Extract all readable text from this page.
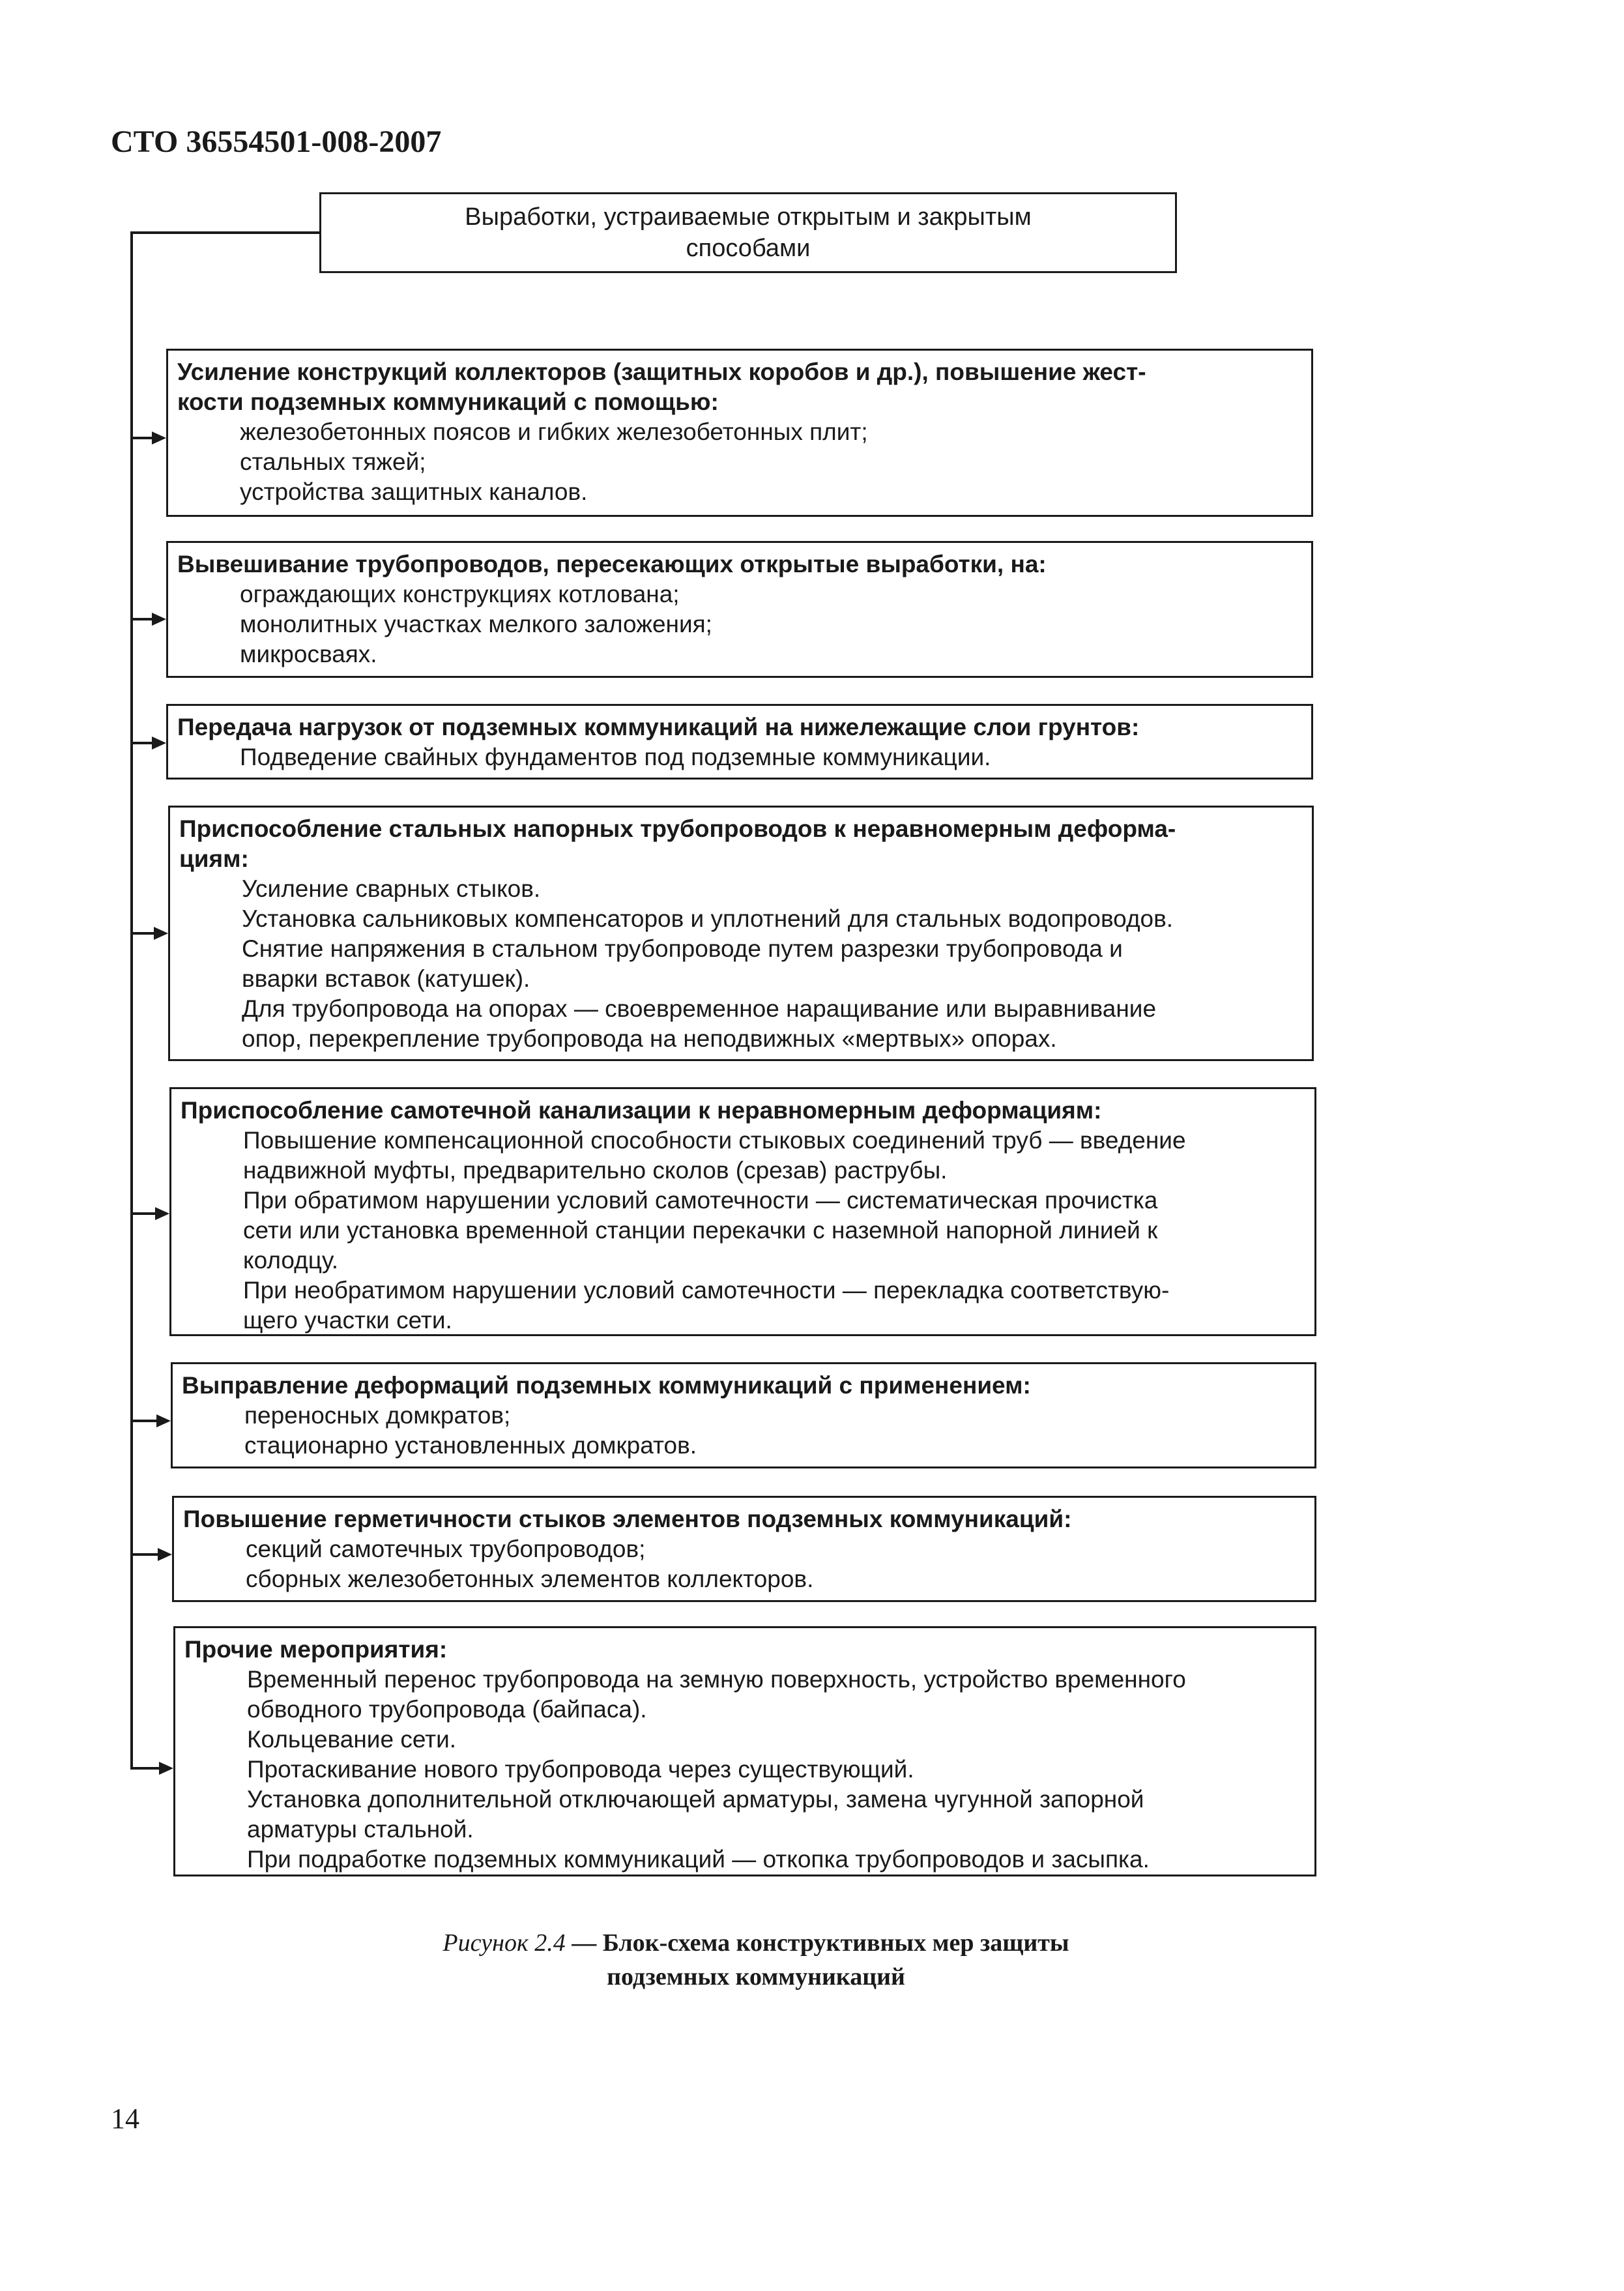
СТО 36554501-008-2007
Выработки, устраиваемые открытым и закрытым
способами
Усиление конструкций коллекторов (защитных коробов и др.), повышение жест-
кости подземных коммуникаций с помощью:
железобетонных поясов и гибких железобетонных плит;
стальных тяжей;
устройства защитных каналов.
Вывешивание трубопроводов, пересекающих открытые выработки, на:
ограждающих конструкциях котлована;
монолитных участках мелкого заложения;
микросваях.
Передача нагрузок от подземных коммуникаций на нижележащие слои грунтов:
Подведение свайных фундаментов под подземные коммуникации.
Приспособление стальных напорных трубопроводов к неравномерным деформа-
циям:
Усиление сварных стыков.
Установка сальниковых компенсаторов и уплотнений для стальных водопроводов.
Снятие напряжения в стальном трубопроводе путем разрезки трубопровода и
вварки вставок (катушек).
Для трубопровода на опорах — своевременное наращивание или выравнивание
опор, перекрепление трубопровода на неподвижных «мертвых» опорах.
Приспособление самотечной канализации к неравномерным деформациям:
Повышение компенсационной способности стыковых соединений труб — введение
надвижной муфты, предварительно сколов (срезав) раструбы.
При обратимом нарушении условий самотечности — систематическая прочистка
сети или установка временной станции перекачки с наземной напорной линией к
колодцу.
При необратимом нарушении условий самотечности — перекладка соответствую-
щего участки сети.
Выправление деформаций подземных коммуникаций с применением:
переносных домкратов;
стационарно установленных домкратов.
Повышение герметичности стыков элементов подземных коммуникаций:
секций самотечных трубопроводов;
сборных железобетонных элементов коллекторов.
Прочие мероприятия:
Временный перенос трубопровода на земную поверхность, устройство временного
обводного трубопровода (байпаса).
Кольцевание сети.
Протаскивание нового трубопровода через существующий.
Установка дополнительной отключающей арматуры, замена чугунной запорной
арматуры стальной.
При подработке подземных коммуникаций — откопка трубопроводов и засыпка.
Рисунок 2.4 — Блок-схема конструктивных мер защиты
подземных коммуникаций
14
